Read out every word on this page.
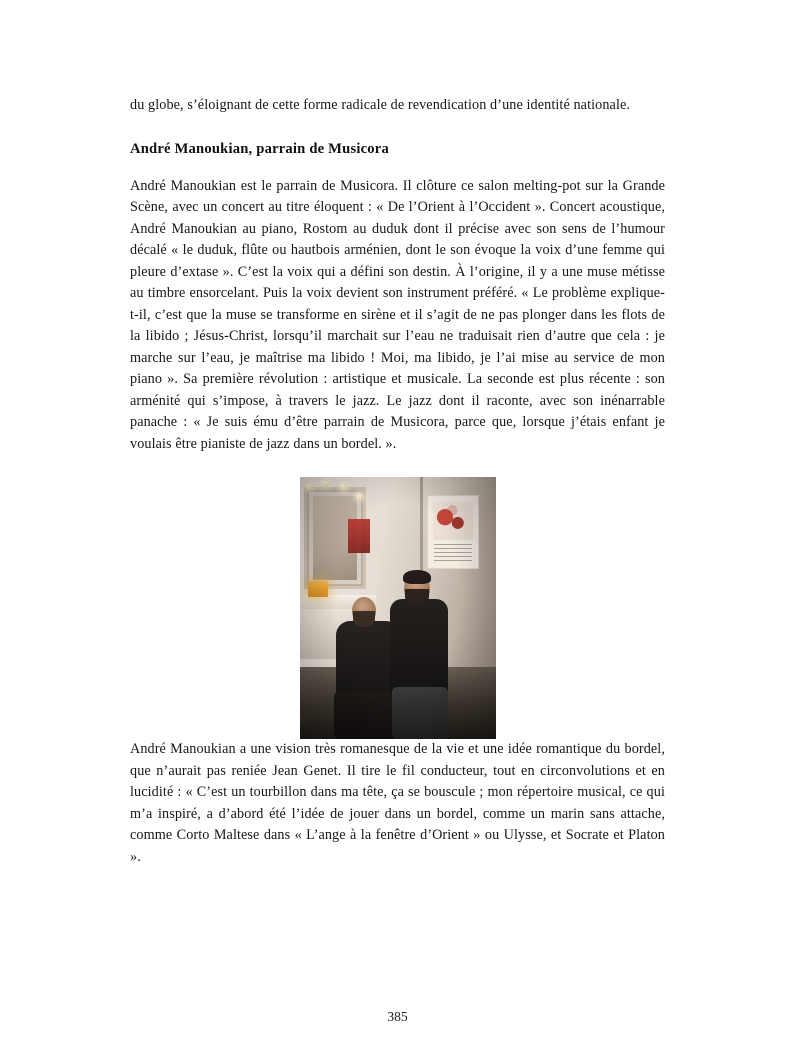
du globe, s’éloignant de cette forme radicale de revendication d’une identité nationale.

André Manoukian, parrain de Musicora

André Manoukian est le parrain de Musicora. Il clôture ce salon melting-pot sur la Grande Scène, avec un concert au titre éloquent : « De l’Orient à l’Occident ». Concert acoustique, André Manoukian au piano, Rostom au duduk dont il précise avec son sens de l’humour décalé « le duduk, flûte ou hautbois arménien, dont le son évoque la voix d’une femme qui pleure d’extase ». C’est la voix qui a défini son destin. À l’origine, il y a une muse métisse au timbre ensorcelant. Puis la voix devient son instrument préféré. « Le problème explique-t-il, c’est que la muse se transforme en sirène et il s’agit de ne pas plonger dans les flots de la libido ; Jésus-Christ, lorsqu’il marchait sur l’eau ne traduisait rien d’autre que cela : je marche sur l’eau, je maîtrise ma libido ! Moi, ma libido, je l’ai mise au service de mon piano ». Sa première révolution : artistique et musicale. La seconde est plus récente : son arménité qui s’impose, à travers le jazz. Le jazz dont il raconte, avec son inénarrable panache : « Je suis ému d’être parrain de Musicora, parce que, lorsque j’étais enfant je voulais être pianiste de jazz dans un bordel. ».

André Manoukian a une vision très romanesque de la vie et une idée romantique du bordel, que n’aurait pas reniée Jean Genet. Il tire le fil conducteur, tout en circonvolutions et en lucidité : « C’est un tourbillon dans ma tête, ça se bouscule ; mon répertoire musical, ce qui m’a inspiré, a d’abord été l’idée de jouer dans un bordel, comme un marin sans attache, comme Corto Maltese dans « L’ange à la fenêtre d’Orient » ou Ulysse, et Socrate et Platon ».

385
